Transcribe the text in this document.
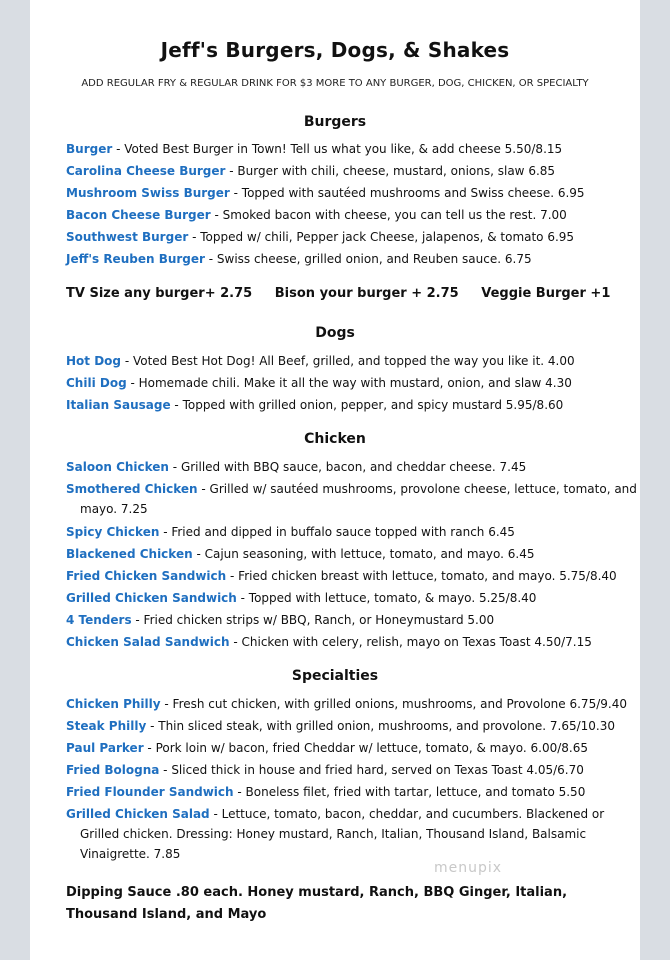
Jeff's Burgers, Dogs, & Shakes
ADD REGULAR FRY & REGULAR DRINK FOR $3 MORE TO ANY BURGER, DOG, CHICKEN, OR SPECIALTY
Burgers
Burger - Voted Best Burger in Town! Tell us what you like, & add cheese 5.50/8.15
Carolina Cheese Burger - Burger with chili, cheese, mustard, onions, slaw 6.85
Mushroom Swiss Burger - Topped with sautéed mushrooms and Swiss cheese. 6.95
Bacon Cheese Burger - Smoked bacon with cheese, you can tell us the rest. 7.00
Southwest Burger - Topped w/ chili, Pepper jack Cheese, jalapenos, & tomato 6.95
Jeff's Reuben Burger - Swiss cheese, grilled onion, and Reuben sauce. 6.75
TV Size any burger+ 2.75 Bison your burger + 2.75 Veggie Burger +1
Dogs
Hot Dog - Voted Best Hot Dog! All Beef, grilled, and topped the way you like it. 4.00
Chili Dog - Homemade chili. Make it all the way with mustard, onion, and slaw 4.30
Italian Sausage - Topped with grilled onion, pepper, and spicy mustard 5.95/8.60
Chicken
Saloon Chicken - Grilled with BBQ sauce, bacon, and cheddar cheese. 7.45
Smothered Chicken - Grilled w/ sautéed mushrooms, provolone cheese, lettuce, tomato, and
mayo. 7.25
Spicy Chicken - Fried and dipped in buffalo sauce topped with ranch 6.45
Blackened Chicken - Cajun seasoning, with lettuce, tomato, and mayo. 6.45
Fried Chicken Sandwich - Fried chicken breast with lettuce, tomato, and mayo. 5.75/8.40
Grilled Chicken Sandwich - Topped with lettuce, tomato, & mayo. 5.25/8.40
4 Tenders - Fried chicken strips w/ BBQ, Ranch, or Honeymustard 5.00
Chicken Salad Sandwich - Chicken with celery, relish, mayo on Texas Toast 4.50/7.15
Specialties
Chicken Philly - Fresh cut chicken, with grilled onions, mushrooms, and Provolone 6.75/9.40
Steak Philly - Thin sliced steak, with grilled onion, mushrooms, and provolone. 7.65/10.30
Paul Parker - Pork loin w/ bacon, fried Cheddar w/ lettuce, tomato, & mayo. 6.00/8.65
Fried Bologna - Sliced thick in house and fried hard, served on Texas Toast 4.05/6.70
Fried Flounder Sandwich - Boneless filet, fried with tartar, lettuce, and tomato 5.50
Grilled Chicken Salad - Lettuce, tomato, bacon, cheddar, and cucumbers. Blackened or
Grilled chicken. Dressing: Honey mustard, Ranch, Italian, Thousand Island, Balsamic
Vinaigrette. 7.85
menupix
Dipping Sauce .80 each. Honey mustard, Ranch, BBQ Ginger, Italian, Thousand Island, and Mayo
